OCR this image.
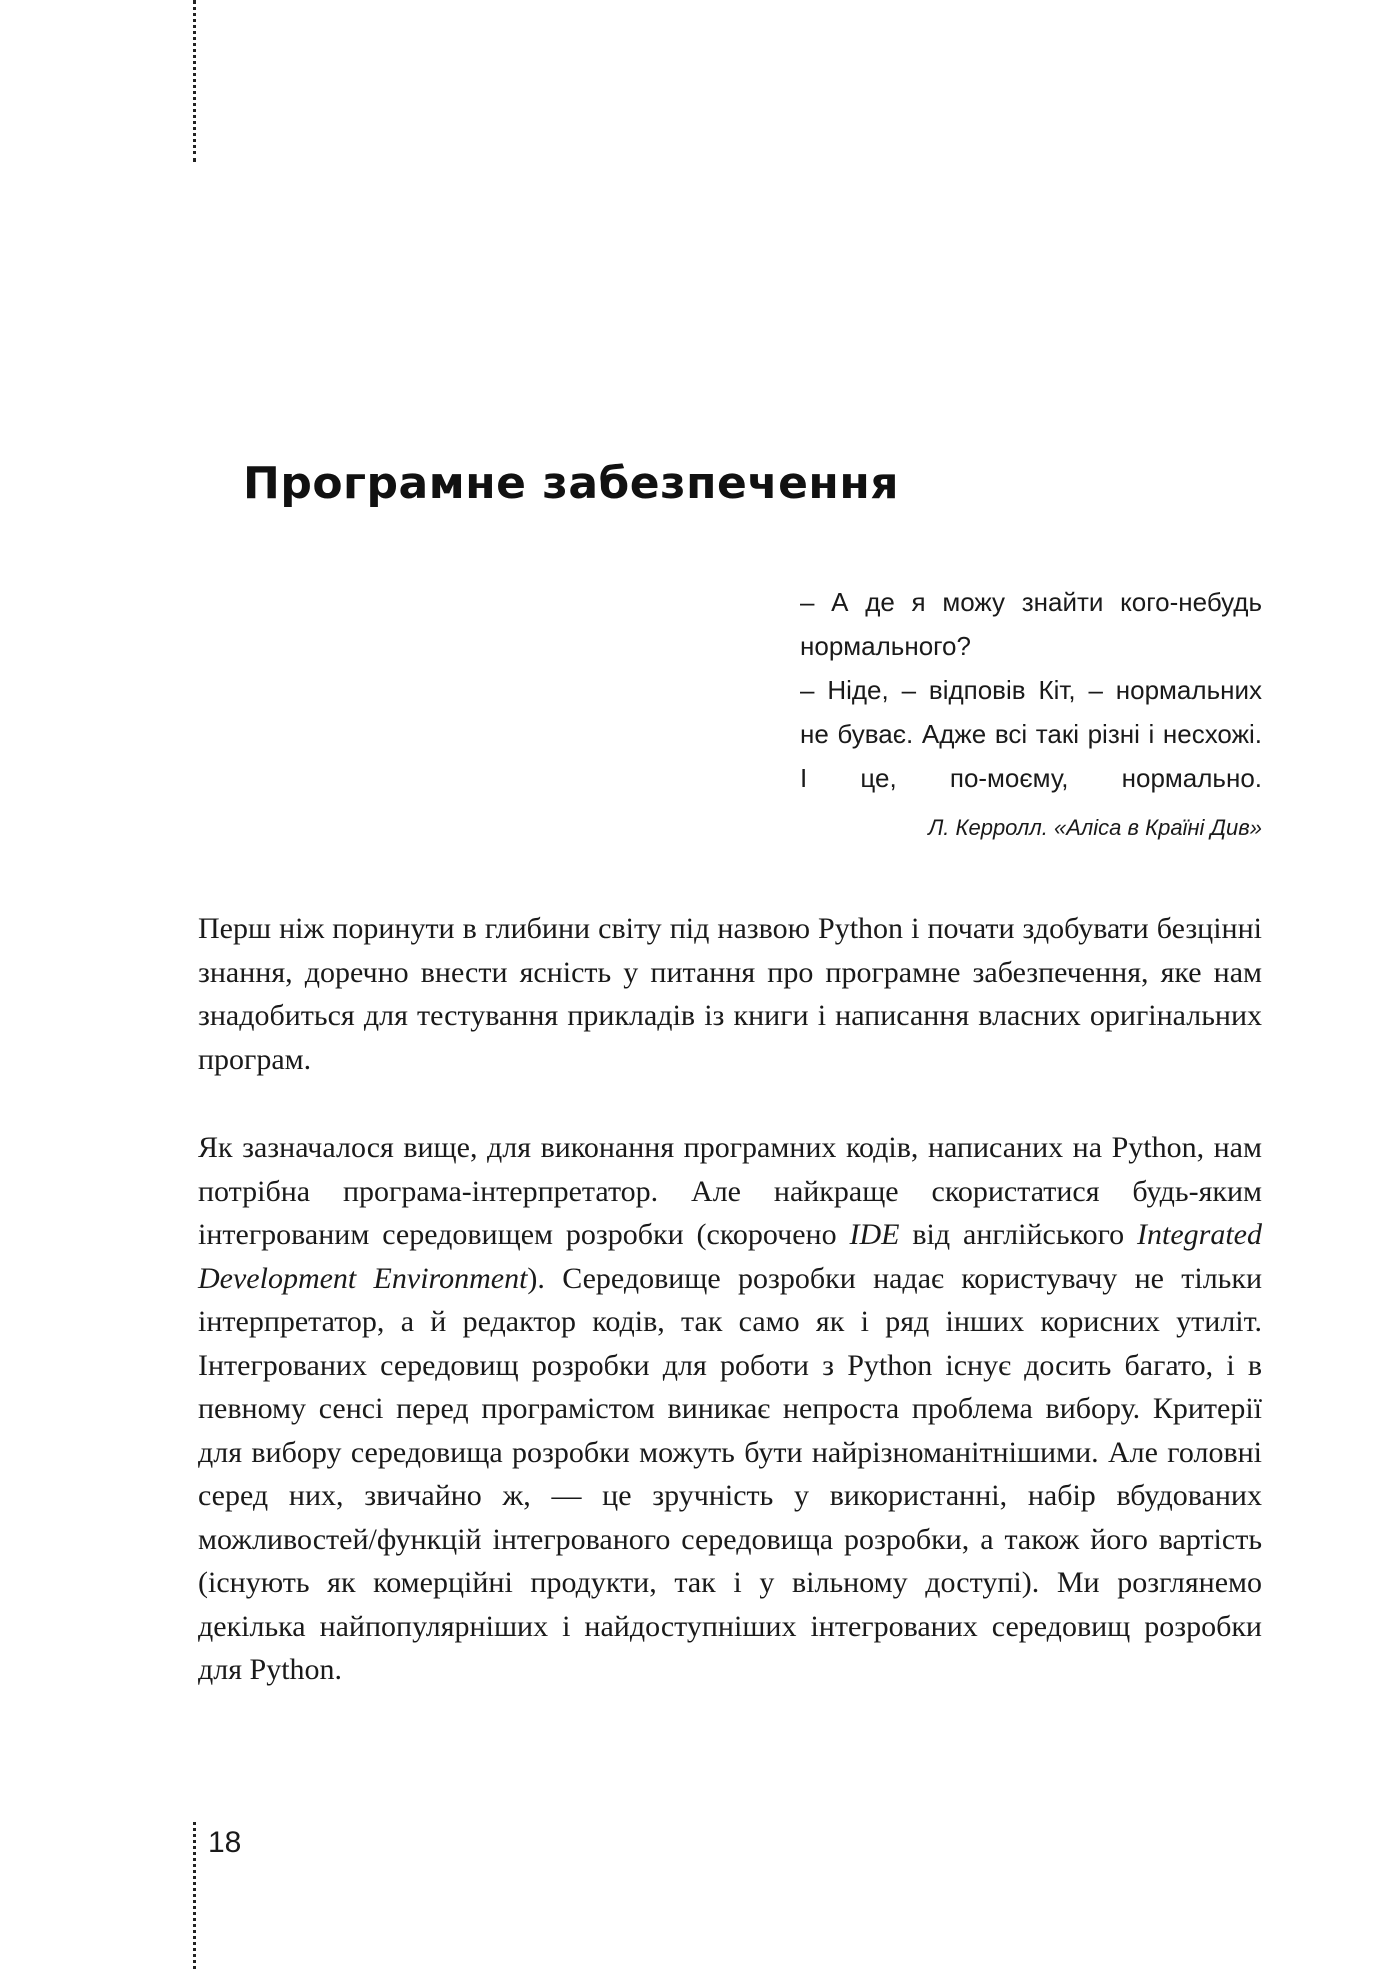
Програмне забезпечення

– А де я можу знайти кого-небудь нормального?

– Ніде, – відповів Кіт, – нормальних не буває. Адже всі такі різні і несхожі. І це, по-моєму, нормально.

Л. Керролл. «Аліса в Країні Див»

Перш ніж поринути в глибини світу під назвою Python і почати здобувати безцінні знання, доречно внести ясність у питання про програмне забезпечення, яке нам знадобиться для тестування прикладів із книги і написання власних оригінальних програм.

Як зазначалося вище, для виконання програмних кодів, написаних на Python, нам потрібна програма-інтерпретатор. Але найкраще скористатися будь-яким інтегрованим середовищем розробки (скорочено IDE від англійського Integrated Development Environment). Середовище розробки надає користувачу не тільки інтерпретатор, а й редактор кодів, так само як і ряд інших корисних утиліт. Інтегрованих середовищ розробки для роботи з Python існує досить багато, і в певному сенсі перед програмістом виникає непроста проблема вибору. Критерії для вибору середовища розробки можуть бути найрізноманітнішими. Але головні серед них, звичайно ж, — це зручність у використанні, набір вбудованих можливостей/функцій інтегрованого середовища розробки, а також його вартість (існують як комерційні продукти, так і у вільному доступі). Ми розглянемо декілька найпопулярніших і найдоступніших інтегрованих середовищ розробки для Python.

18
